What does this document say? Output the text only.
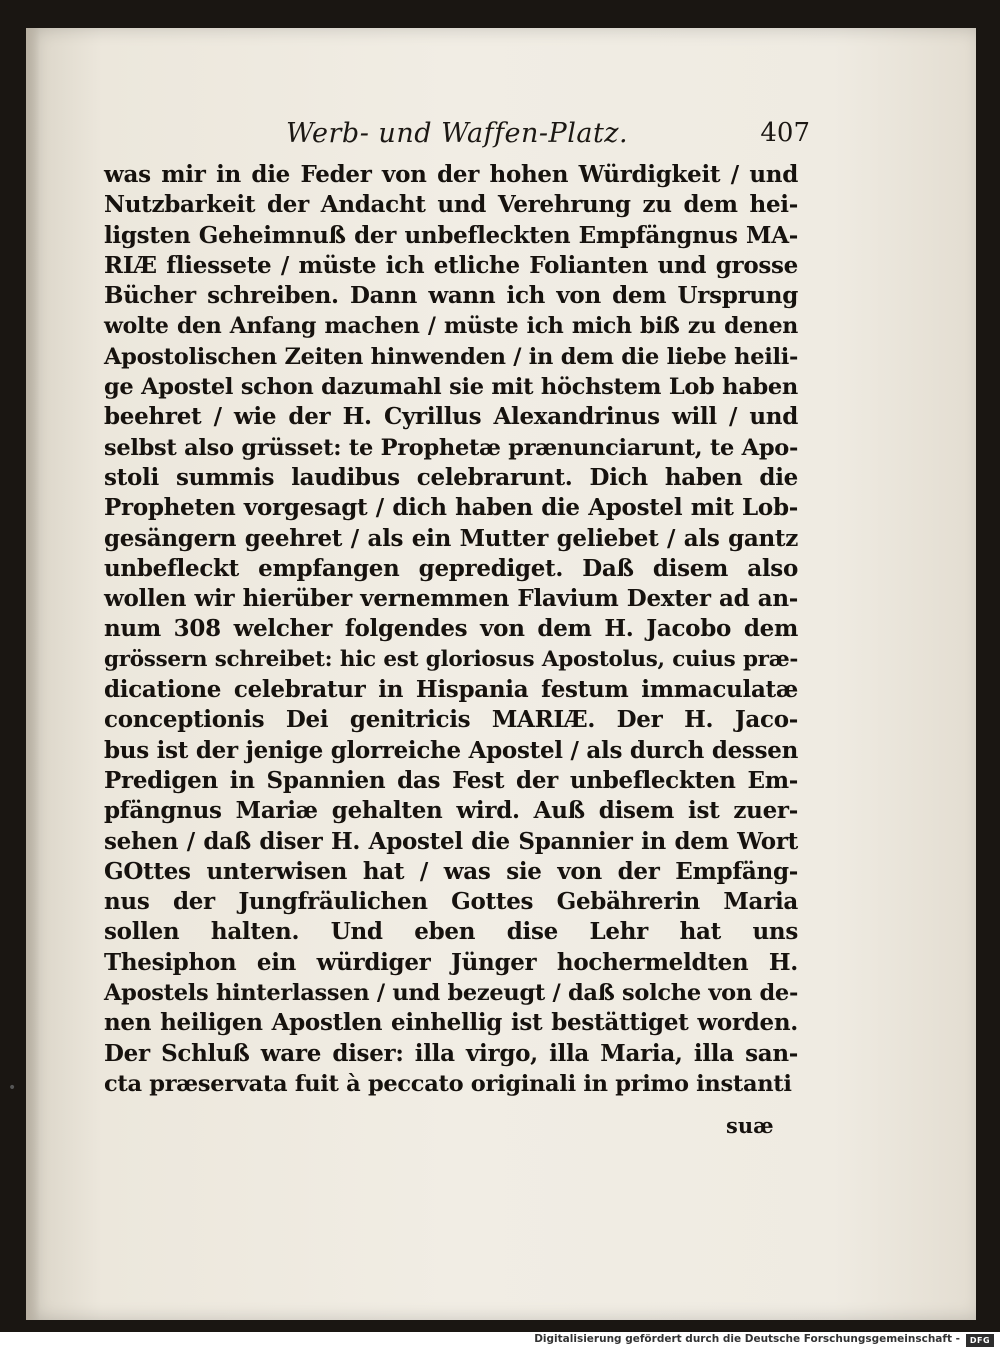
Werb- und Waffen-Platz.	407
was mir in die Feder von der hohen Würdigkeit / und
Nutzbarkeit der Andacht und Verehrung zu dem hei-
ligsten Geheimnuß der unbefleckten Empfängnus MA-
RIÆ fliessete / müste ich etliche Folianten und grosse
Bücher schreiben. Dann wann ich von dem Ursprung
wolte den Anfang machen / müste ich mich biß zu denen
Apostolischen Zeiten hinwenden / in dem die liebe heili-
ge Apostel schon dazumahl sie mit höchstem Lob haben
beehret / wie der H. Cyrillus Alexandrinus will / und
selbst also grüsset: te Prophetæ prænunciarunt, te Apo-
stoli summis laudibus celebrarunt. Dich haben die
Propheten vorgesagt / dich haben die Apostel mit Lob-
gesängern geehret / als ein Mutter geliebet / als gantz
unbefleckt empfangen geprediget. Daß disem also
wollen wir hierüber vernemmen Flavium Dexter ad an-
num 308 welcher folgendes von dem H. Jacobo dem
grössern schreibet: hic est gloriosus Apostolus, cuius præ-
dicatione celebratur in Hispania festum immaculatæ
conceptionis Dei genitricis MARIÆ. Der H. Jaco-
bus ist der jenige glorreiche Apostel / als durch dessen
Predigen in Spannien das Fest der unbefleckten Em-
pfängnus Mariæ gehalten wird. Auß disem ist zuer-
sehen / daß diser H. Apostel die Spannier in dem Wort
GOttes unterwisen hat / was sie von der Empfäng-
nus der Jungfräulichen Gottes Gebährerin Maria
sollen halten. Und eben dise Lehr hat uns
Thesiphon ein würdiger Jünger hochermeldten H.
Apostels hinterlassen / und bezeugt / daß solche von de-
nen heiligen Apostlen einhellig ist bestättiget worden.
Der Schluß ware diser: illa virgo, illa Maria, illa san-
cta præservata fuit à peccato originali in primo instanti
suæ
•
Digitalisierung gefördert durch die Deutsche Forschungsgemeinschaft -	DFG
